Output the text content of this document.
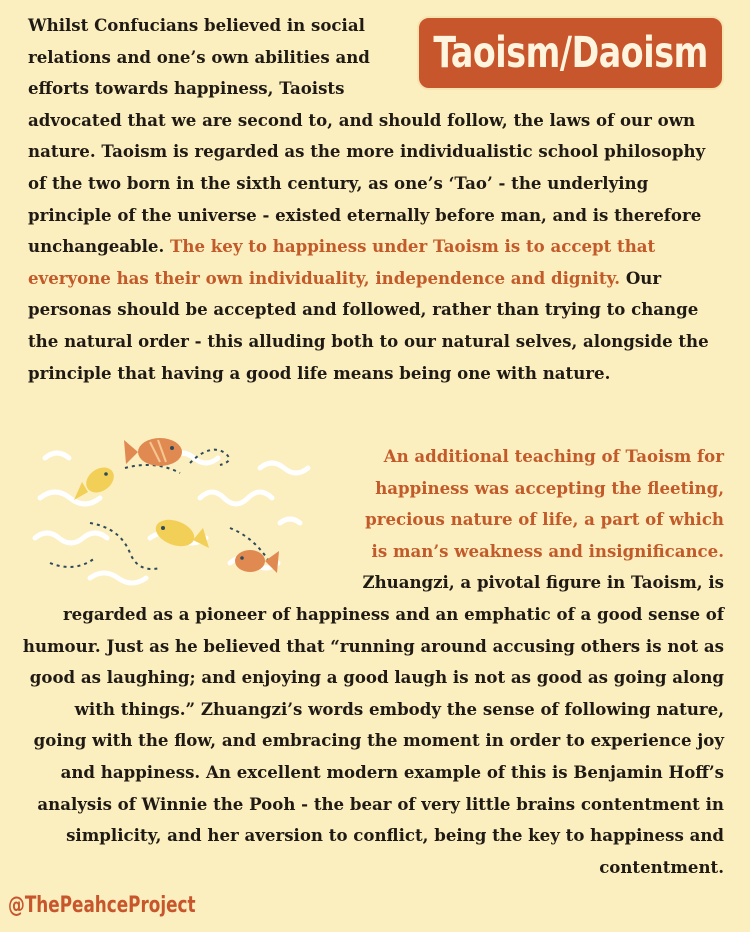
Taoism/Daoism

Whilst Confucians believed in social relations and one’s own abilities and efforts towards happiness, Taoists advocated that we are second to, and should follow, the laws of our own nature. Taoism is regarded as the more individualistic school philosophy of the two born in the sixth century, as one’s ‘Tao’ - the underlying principle of the universe - existed eternally before man, and is therefore unchangeable. The key to happiness under Taoism is to accept that everyone has their own individuality, independence and dignity. Our personas should be accepted and followed, rather than trying to change the natural order - this alluding both to our natural selves, alongside the principle that having a good life means being one with nature.

An additional teaching of Taoism for happiness was accepting the fleeting, precious nature of life, a part of which is man’s weakness and insignificance. Zhuangzi, a pivotal figure in Taoism, is regarded as a pioneer of happiness and an emphatic of a good sense of humour. Just as he believed that “running around accusing others is not as good as laughing; and enjoying a good laugh is not as good as going along with things.” Zhuangzi’s words embody the sense of following nature, going with the flow, and embracing the moment in order to experience joy and happiness. An excellent modern example of this is Benjamin Hoff’s analysis of Winnie the Pooh - the bear of very little brains contentment in simplicity, and her aversion to conflict, being the key to happiness and contentment.

@ThePeahceProject
